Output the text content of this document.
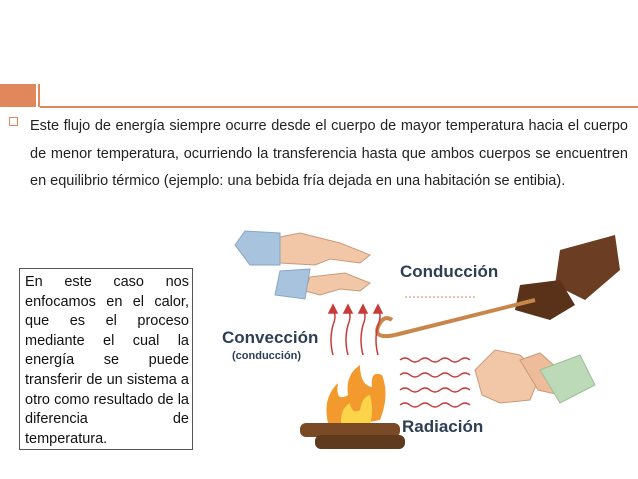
Este flujo de energía siempre ocurre desde el cuerpo de mayor temperatura hacia el cuerpo de menor temperatura, ocurriendo la transferencia hasta que ambos cuerpos se encuentren en equilibrio térmico (ejemplo: una bebida fría dejada en una habitación se entibia).

En este caso nos enfocamos en el calor, que es el proceso mediante el cual la energía se puede transferir de un sistema a otro como resultado de la diferencia de temperatura.

Conducción
Convección
(conducción)
Radiación
